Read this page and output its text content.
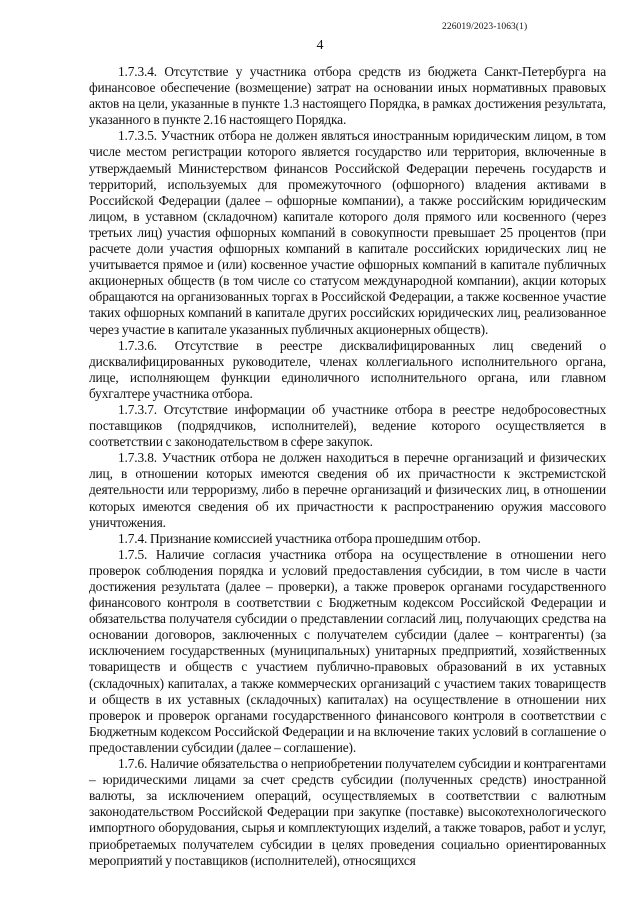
226019/2023-1063(1)
4

1.7.3.4. Отсутствие у участника отбора средств из бюджета Санкт-Петербурга на финансовое обеспечение (возмещение) затрат на основании иных нормативных правовых актов на цели, указанные в пункте 1.3 настоящего Порядка, в рамках достижения результата, указанного в пункте 2.16 настоящего Порядка.

1.7.3.5. Участник отбора не должен являться иностранным юридическим лицом, в том числе местом регистрации которого является государство или территория, включенные в утверждаемый Министерством финансов Российской Федерации перечень государств и территорий, используемых для промежуточного (офшорного) владения активами в Российской Федерации (далее – офшорные компании), а также российским юридическим лицом, в уставном (складочном) капитале которого доля прямого или косвенного (через третьих лиц) участия офшорных компаний в совокупности превышает 25 процентов (при расчете доли участия офшорных компаний в капитале российских юридических лиц не учитывается прямое и (или) косвенное участие офшорных компаний в капитале публичных акционерных обществ (в том числе со статусом международной компании), акции которых обращаются на организованных торгах в Российской Федерации, а также косвенное участие таких офшорных компаний в капитале других российских юридических лиц, реализованное через участие в капитале указанных публичных акционерных обществ).

1.7.3.6. Отсутствие в реестре дисквалифицированных лиц сведений о дисквалифицированных руководителе, членах коллегиального исполнительного органа, лице, исполняющем функции единоличного исполнительного органа, или главном бухгалтере участника отбора.

1.7.3.7. Отсутствие информации об участнике отбора в реестре недобросовестных поставщиков (подрядчиков, исполнителей), ведение которого осуществляется в соответствии с законодательством в сфере закупок.

1.7.3.8. Участник отбора не должен находиться в перечне организаций и физических лиц, в отношении которых имеются сведения об их причастности к экстремистской деятельности или терроризму, либо в перечне организаций и физических лиц, в отношении которых имеются сведения об их причастности к распространению оружия массового уничтожения.

1.7.4. Признание комиссией участника отбора прошедшим отбор.

1.7.5. Наличие согласия участника отбора на осуществление в отношении него проверок соблюдения порядка и условий предоставления субсидии, в том числе в части достижения результата (далее – проверки), а также проверок органами государственного финансового контроля в соответствии с Бюджетным кодексом Российской Федерации и обязательства получателя субсидии о представлении согласий лиц, получающих средства на основании договоров, заключенных с получателем субсидии (далее – контрагенты) (за исключением государственных (муниципальных) унитарных предприятий, хозяйственных товариществ и обществ с участием публично-правовых образований в их уставных (складочных) капиталах, а также коммерческих организаций с участием таких товариществ и обществ в их уставных (складочных) капиталах) на осуществление в отношении них проверок и проверок органами государственного финансового контроля в соответствии с Бюджетным кодексом Российской Федерации и на включение таких условий в соглашение о предоставлении субсидии (далее – соглашение).

1.7.6. Наличие обязательства о неприобретении получателем субсидии и контрагентами – юридическими лицами за счет средств субсидии (полученных средств) иностранной валюты, за исключением операций, осуществляемых в соответствии с валютным законодательством Российской Федерации при закупке (поставке) высокотехнологического импортного оборудования, сырья и комплектующих изделий, а также товаров, работ и услуг, приобретаемых получателем субсидии в целях проведения социально ориентированных мероприятий у поставщиков (исполнителей), относящихся
